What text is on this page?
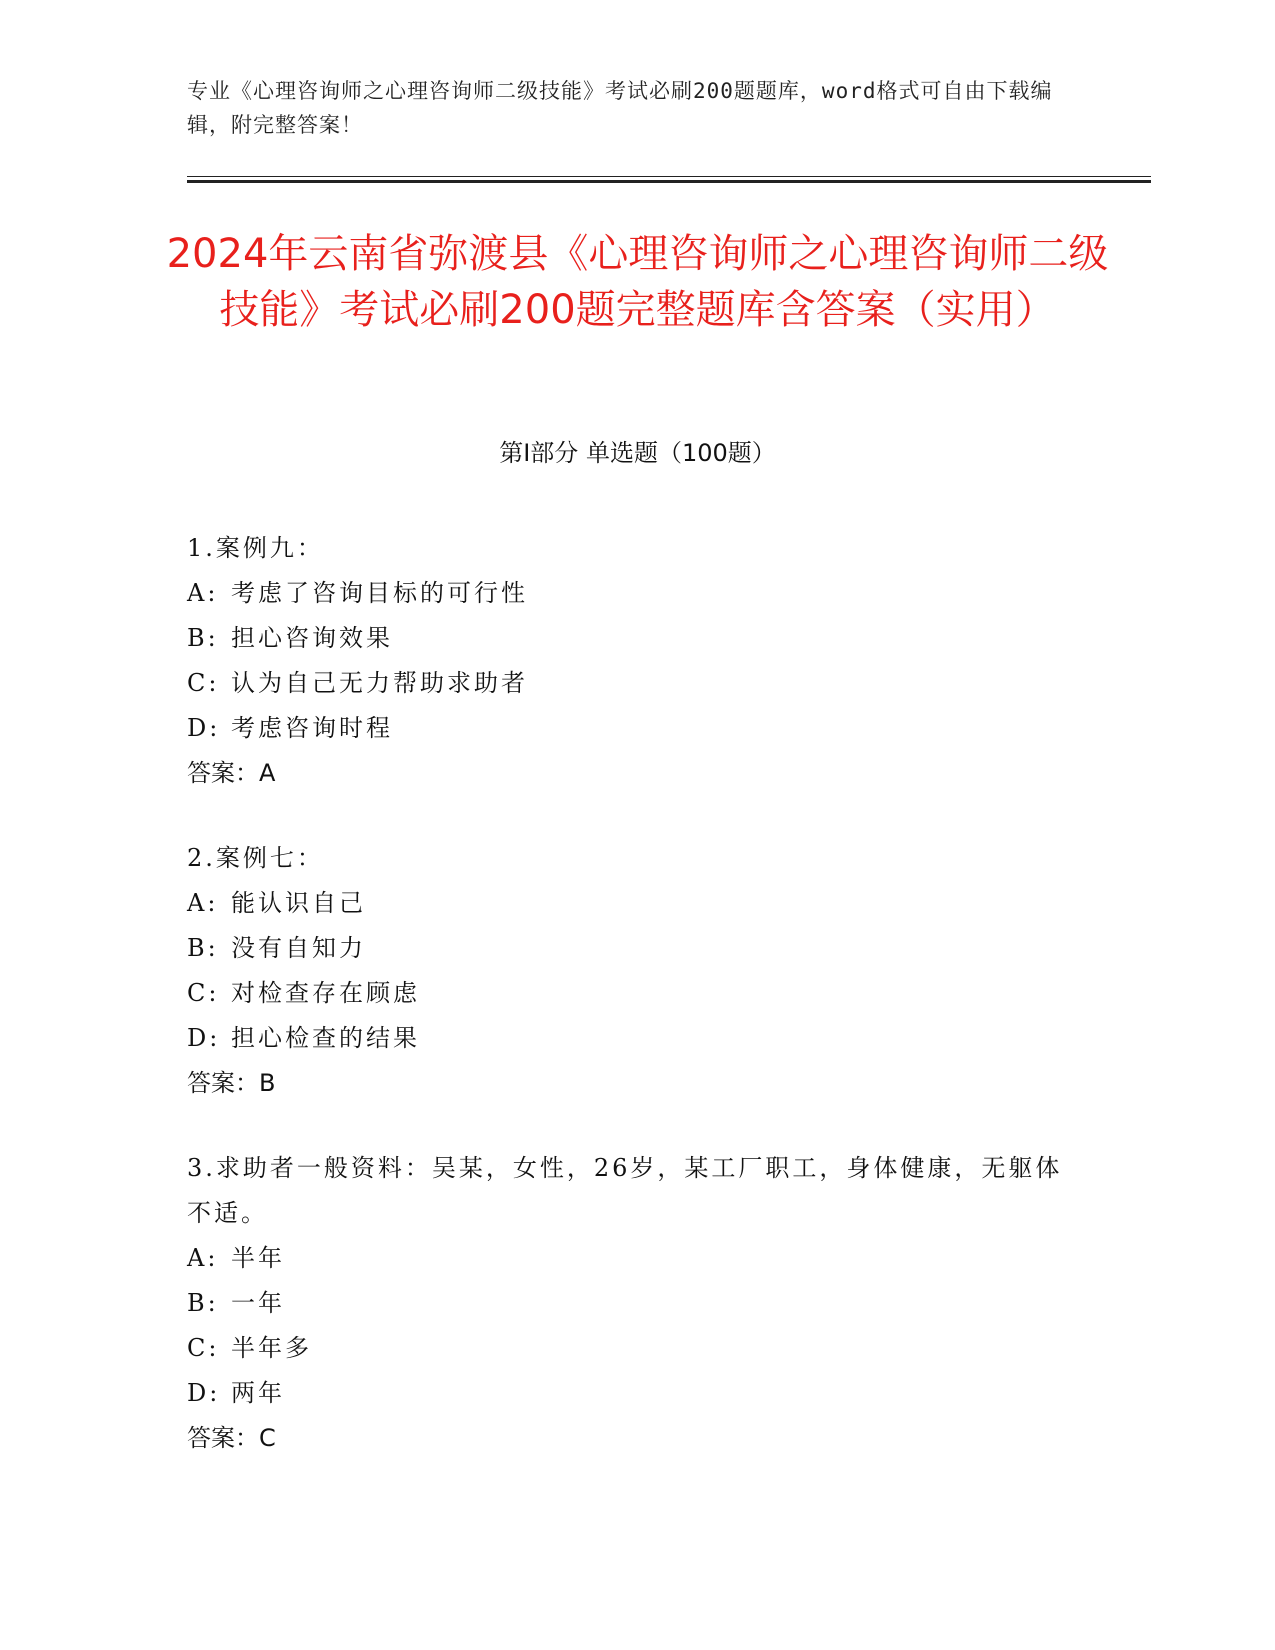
专业《心理咨询师之心理咨询师二级技能》考试必刷200题题库，word格式可自由下载编辑，附完整答案！
2024年云南省弥渡县《心理咨询师之心理咨询师二级技能》考试必刷200题完整题库含答案（实用）
第I部分 单选题（100题）
1.案例九：
A: 考虑了咨询目标的可行性
B: 担心咨询效果
C: 认为自己无力帮助求助者
D: 考虑咨询时程
答案：A
2.案例七：
A: 能认识自己
B: 没有自知力
C: 对检查存在顾虑
D: 担心检查的结果
答案：B
3.求助者一般资料：吴某，女性，26岁，某工厂职工，身体健康，无躯体不适。
A: 半年
B: 一年
C: 半年多
D: 两年
答案：C
